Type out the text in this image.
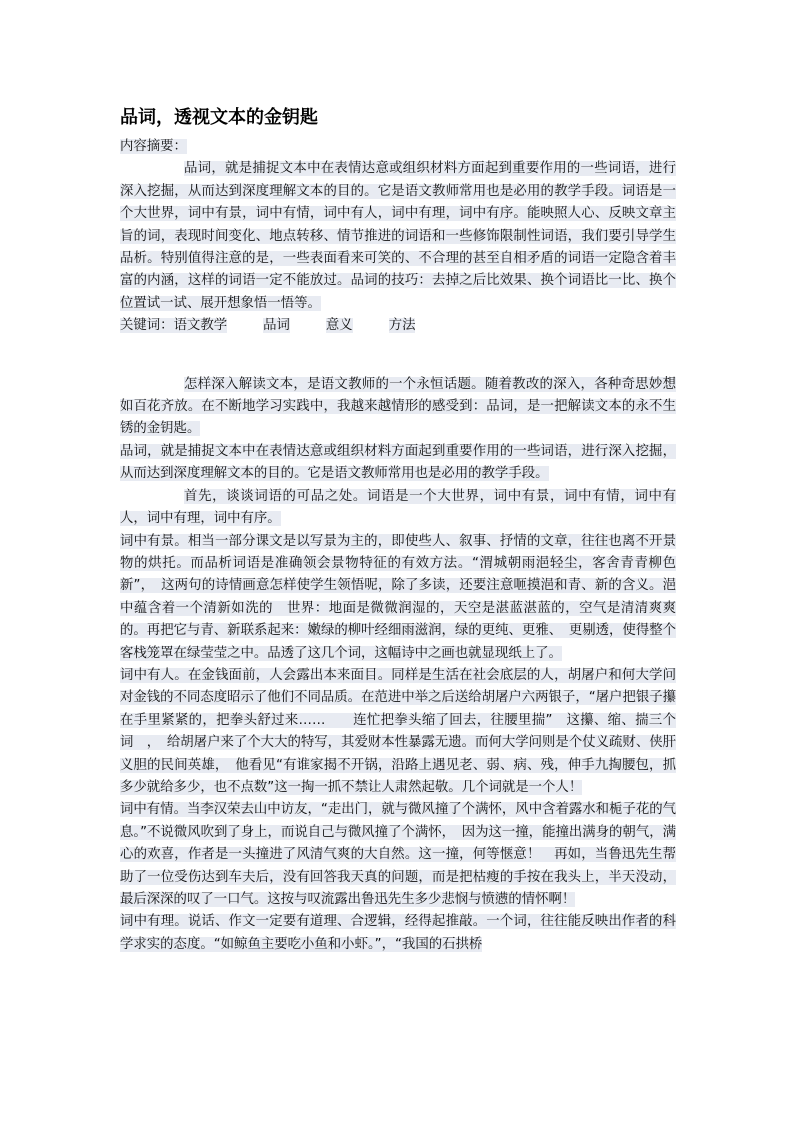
品词，透视文本的金钥匙
内容摘要：

品词，就是捕捉文本中在表情达意或组织材料方面起到重要作用的一些词语，进行深入挖掘，从而达到深度理解文本的目的。它是语文教师常用也是必用的教学手段。词语是一个大世界，词中有景，词中有情，词中有人，词中有理，词中有序。能映照人心、反映文章主旨的词，表现时间变化、地点转移、情节推进的词语和一些修饰限制性词语，我们要引导学生品析。特别值得注意的是，一些表面看来可笑的、不合理的甚至自相矛盾的词语一定隐含着丰富的内涵，这样的词语一定不能放过。品词的技巧：去掉之后比效果、换个词语比一比、换个位置试一试、展开想象悟一悟等。

关键词：语文教学	品词	意义	方法

怎样深入解读文本，是语文教师的一个永恒话题。随着教改的深入，各种奇思妙想如百花齐放。在不断地学习实践中，我越来越情形的感受到：品词，是一把解读文本的永不生锈的金钥匙。

品词，就是捕捉文本中在表情达意或组织材料方面起到重要作用的一些词语，进行深入挖掘，从而达到深度理解文本的目的。它是语文教师常用也是必用的教学手段。

首先，谈谈词语的可品之处。词语是一个大世界，词中有景，词中有情，词中有人，词中有理，词中有序。

词中有景。相当一部分课文是以写景为主的，即使些人、叙事、抒情的文章，往往也离不开景物的烘托。而品析词语是准确领会景物特征的有效方法。“渭城朝雨浥轻尘，客舍青青柳色新”，　这两句的诗情画意怎样使学生领悟呢，除了多读，还要注意咂摸浥和青、新的含义。浥中蕴含着一个清新如洗的　世界：地面是微微润湿的，天空是湛蓝湛蓝的，空气是清清爽爽的。再把它与青、新联系起来：嫩绿的柳叶经细雨滋润，绿的更纯、更雅、　更剔透，使得整个客栈笼罩在绿莹莹之中。品透了这几个词，这幅诗中之画也就显现纸上了。

词中有人。在金钱面前，人会露出本来面目。同样是生活在社会底层的人，胡屠户和何大学问对金钱的不同态度昭示了他们不同品质。在范进中举之后送给胡屠户六两银子，“屠户把银子攥在手里紧紧的，把拳头舒过来……　　连忙把拳头缩了回去，往腰里揣”　这攥、缩、揣三个词　，　给胡屠户来了个大大的特写，其爱财本性暴露无遗。而何大学问则是个仗义疏财、侠肝义胆的民间英雄，　他看见“有谁家揭不开锅，沿路上遇见老、弱、病、残，伸手九掏腰包，抓多少就给多少，也不点数”这一掏一抓不禁让人肃然起敬。几个词就是一个人！

词中有情。当李汉荣去山中访友，“走出门，就与微风撞了个满怀，风中含着露水和栀子花的气息。”不说微风吹到了身上，而说自己与微风撞了个满怀，　因为这一撞，能撞出满身的朝气，满心的欢喜，作者是一头撞进了风清气爽的大自然。这一撞，何等惬意！　再如，当鲁迅先生帮助了一位受伤达到车夫后，没有回答我天真的问题，而是把枯瘦的手按在我头上，半天没动，最后深深的叹了一口气。这按与叹流露出鲁迅先生多少悲悯与愤懑的情怀啊！

词中有理。说话、作文一定要有道理、合逻辑，经得起推敲。一个词，往往能反映出作者的科学求实的态度。“如鲸鱼主要吃小鱼和小虾。”，“我国的石拱桥
